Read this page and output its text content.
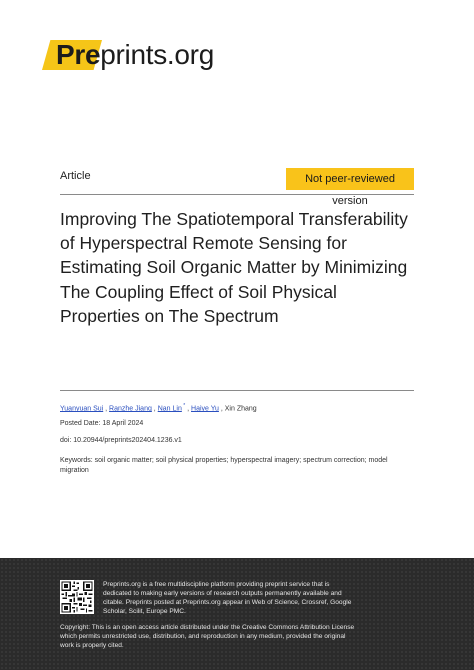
Preprints.org
Article	Not peer-reviewed version
Improving The Spatiotemporal Transferability of Hyperspectral Remote Sensing for Estimating Soil Organic Matter by Minimizing The Coupling Effect of Soil Physical Properties on The Spectrum
Yuanyuan Sui , Ranzhe Jiang , Nan Lin * , Haiye Yu , Xin Zhang
Posted Date: 18 April 2024
doi: 10.20944/preprints202404.1236.v1
Keywords: soil organic matter; soil physical properties; hyperspectral imagery; spectrum correction; model migration
Preprints.org is a free multidiscipline platform providing preprint service that is dedicated to making early versions of research outputs permanently available and citable. Preprints posted at Preprints.org appear in Web of Science, Crossref, Google Scholar, Scilit, Europe PMC.
Copyright: This is an open access article distributed under the Creative Commons Attribution License which permits unrestricted use, distribution, and reproduction in any medium, provided the original work is properly cited.
